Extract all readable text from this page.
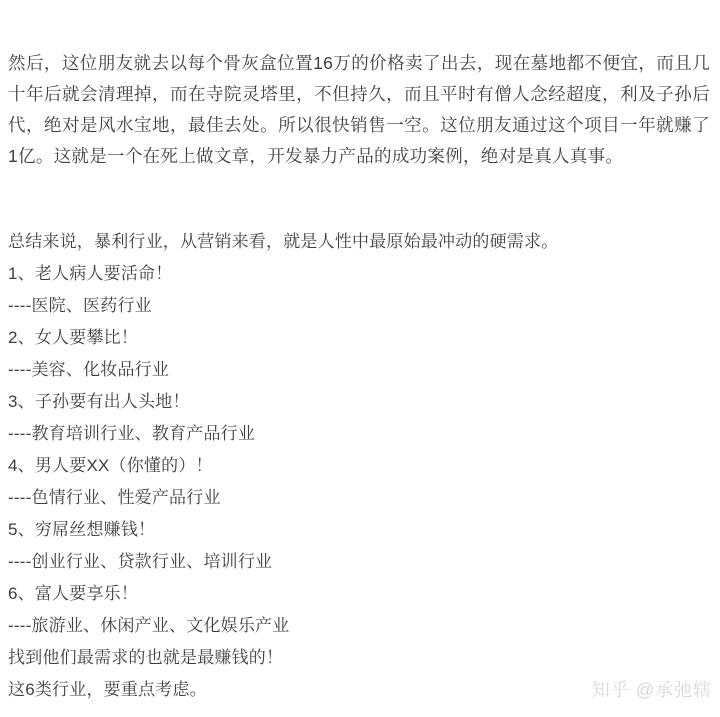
然后，这位朋友就去以每个骨灰盒位置16万的价格卖了出去，现在墓地都不便宜，而且几十年后就会清理掉，而在寺院灵塔里，不但持久，而且平时有僧人念经超度，利及子孙后代，绝对是风水宝地，最佳去处。所以很快销售一空。这位朋友通过这个项目一年就赚了1亿。这就是一个在死上做文章，开发暴力产品的成功案例，绝对是真人真事。

总结来说，暴利行业，从营销来看，就是人性中最原始最冲动的硬需求。
1、老人病人要活命！
----医院、医药行业
2、女人要攀比！
----美容、化妆品行业
3、子孙要有出人头地！
----教育培训行业、教育产品行业
4、男人要XX（你懂的）！
----色情行业、性爱产品行业
5、穷屌丝想赚钱！
----创业行业、贷款行业、培训行业
6、富人要享乐！
----旅游业、休闲产业、文化娱乐产业
找到他们最需求的也就是最赚钱的！
这6类行业，要重点考虑。	知乎 @承弛辖
